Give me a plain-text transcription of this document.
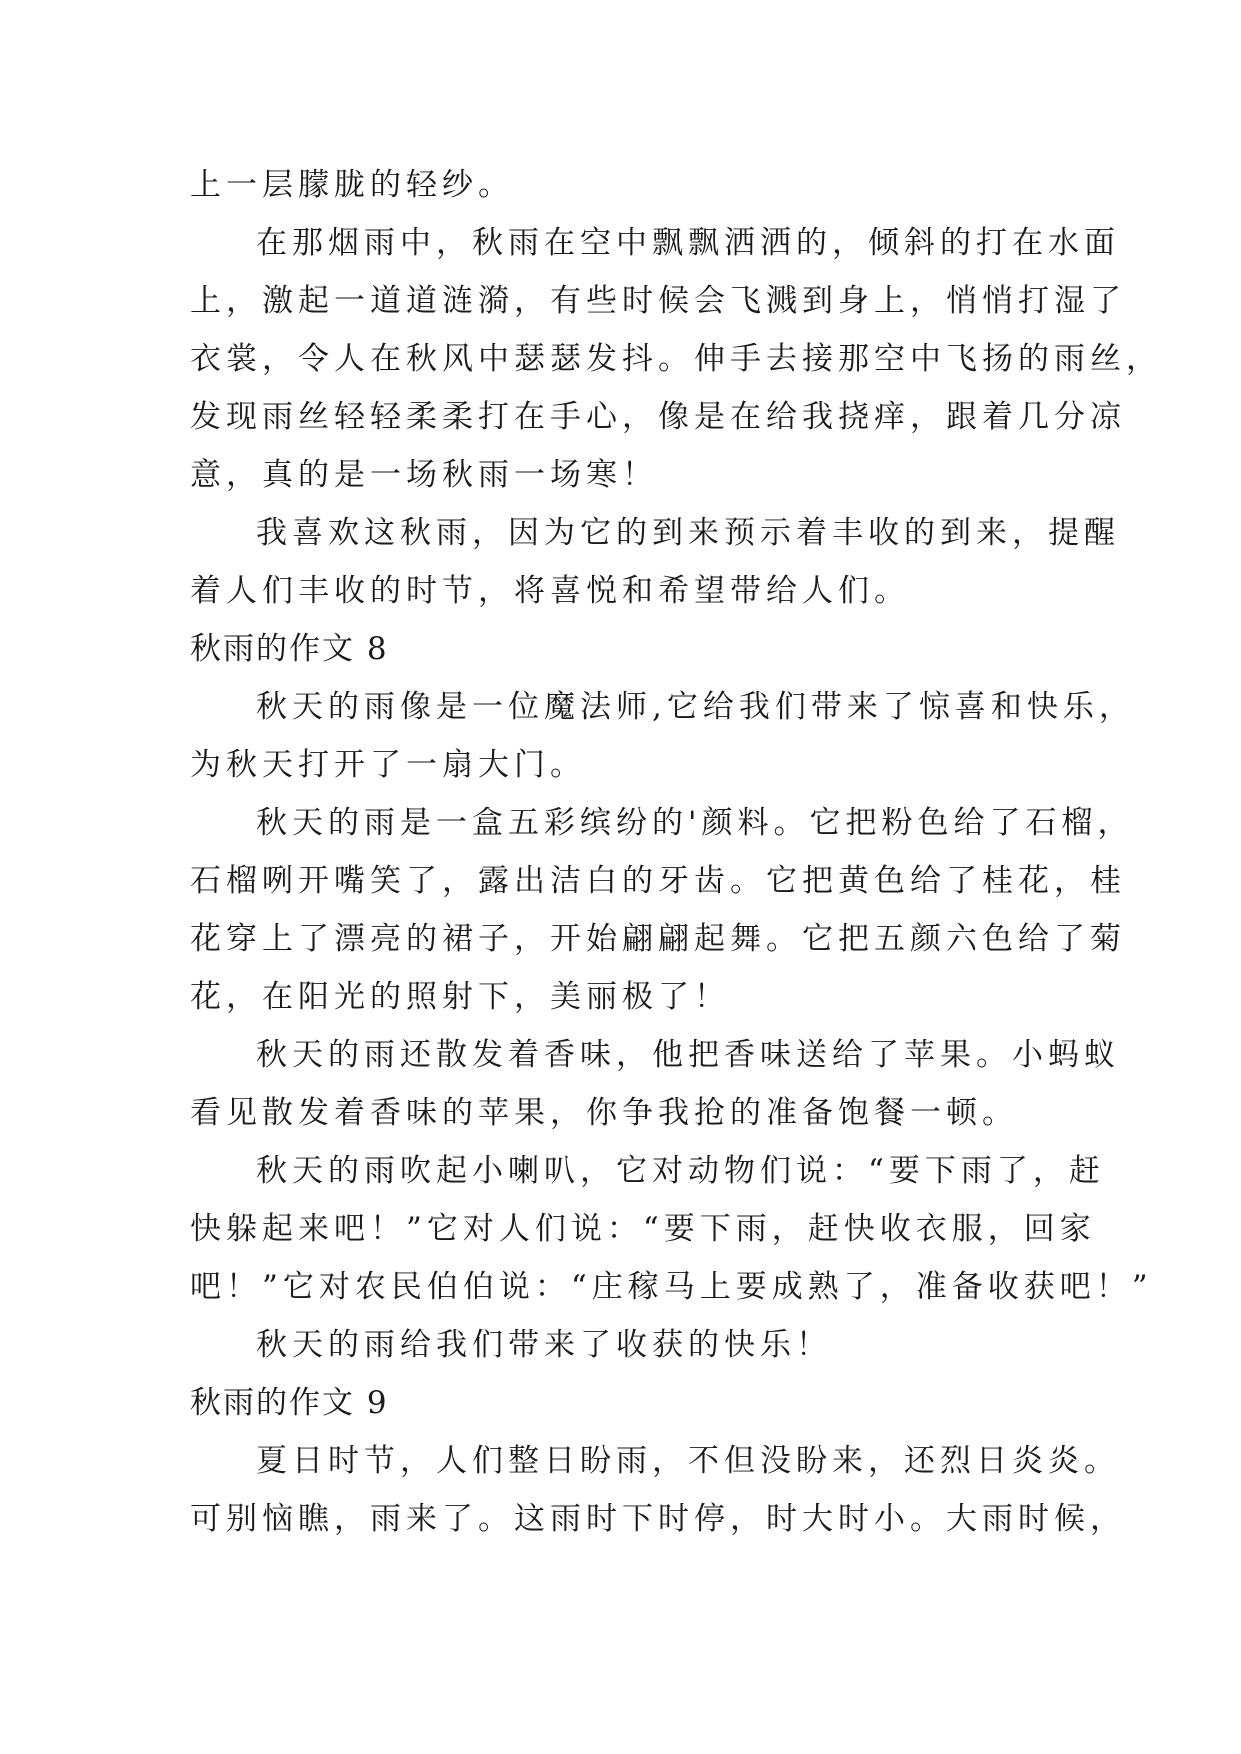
上一层朦胧的轻纱。

在那烟雨中，秋雨在空中飘飘洒洒的，倾斜的打在水面

上，激起一道道涟漪，有些时候会飞溅到身上，悄悄打湿了

衣裳，令人在秋风中瑟瑟发抖。伸手去接那空中飞扬的雨丝，

发现雨丝轻轻柔柔打在手心，像是在给我挠痒，跟着几分凉

意，真的是一场秋雨一场寒！

我喜欢这秋雨，因为它的到来预示着丰收的到来，提醒

着人们丰收的时节，将喜悦和希望带给人们。

秋雨的作文 8

秋天的雨像是一位魔法师,它给我们带来了惊喜和快乐，

为秋天打开了一扇大门。

秋天的雨是一盒五彩缤纷的'颜料。它把粉色给了石榴，

石榴咧开嘴笑了，露出洁白的牙齿。它把黄色给了桂花，桂

花穿上了漂亮的裙子，开始翩翩起舞。它把五颜六色给了菊

花，在阳光的照射下，美丽极了！

秋天的雨还散发着香味，他把香味送给了苹果。小蚂蚁

看见散发着香味的苹果，你争我抢的准备饱餐一顿。

秋天的雨吹起小喇叭，它对动物们说：“要下雨了，赶

快躲起来吧！”它对人们说：“要下雨，赶快收衣服，回家

吧！”它对农民伯伯说：“庄稼马上要成熟了，准备收获吧！”

秋天的雨给我们带来了收获的快乐！

秋雨的作文 9

夏日时节，人们整日盼雨，不但没盼来，还烈日炎炎。

可别恼瞧，雨来了。这雨时下时停，时大时小。大雨时候，
